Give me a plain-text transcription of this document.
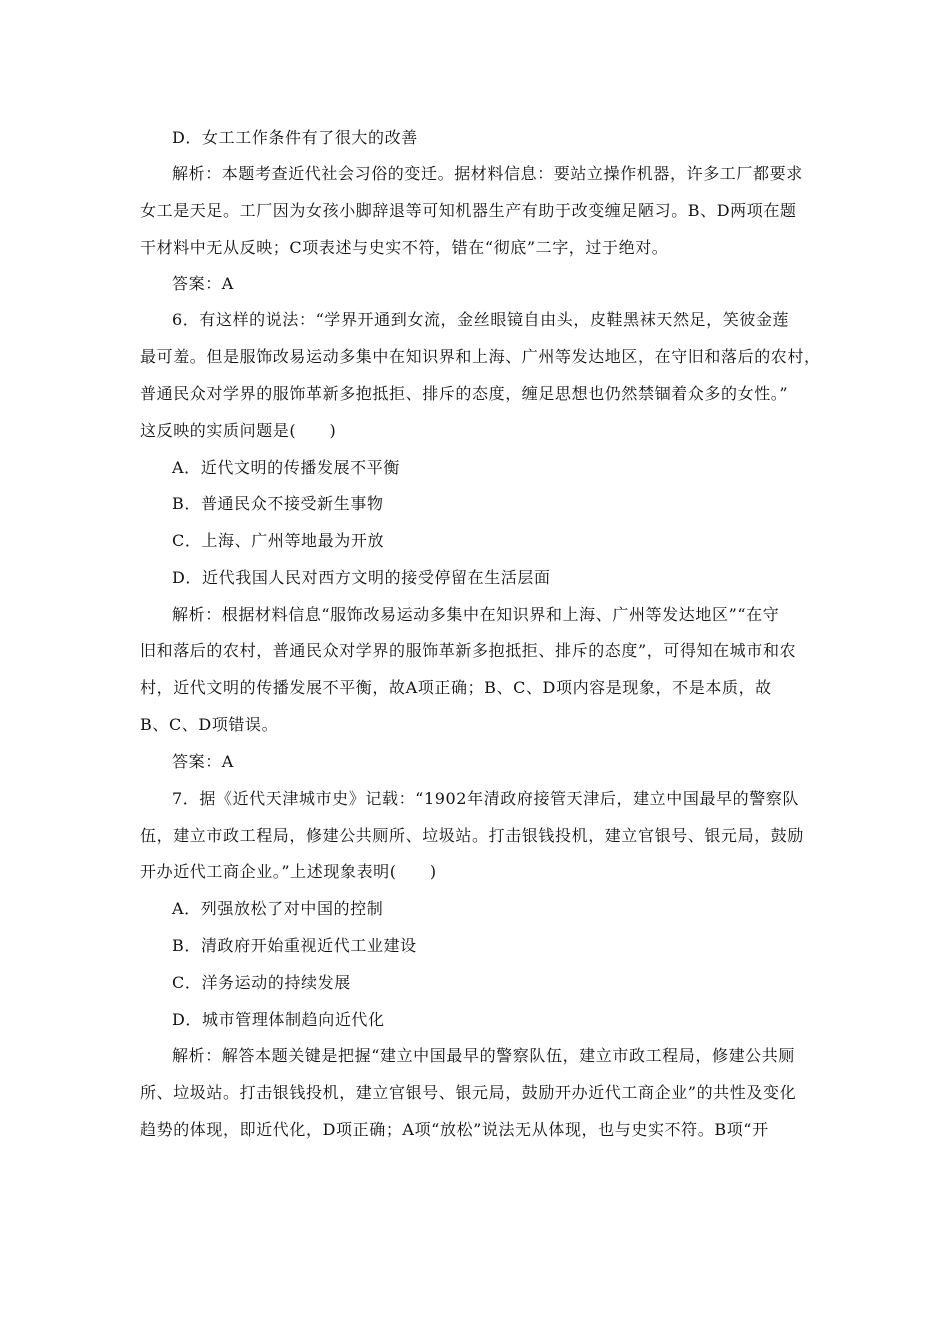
D．女工工作条件有了很大的改善
解析：本题考查近代社会习俗的变迁。据材料信息：要站立操作机器，许多工厂都要求
女工是天足。工厂因为女孩小脚辞退等可知机器生产有助于改变缠足陋习。B、D两项在题
干材料中无从反映；C项表述与史实不符，错在“彻底”二字，过于绝对。
答案：A
6．有这样的说法：“学界开通到女流，金丝眼镜自由头，皮鞋黑袜天然足，笑彼金莲
最可羞。但是服饰改易运动多集中在知识界和上海、广州等发达地区，在守旧和落后的农村，
普通民众对学界的服饰革新多抱抵拒、排斥的态度，缠足思想也仍然禁锢着众多的女性。”
这反映的实质问题是(　　)
A．近代文明的传播发展不平衡
B．普通民众不接受新生事物
C．上海、广州等地最为开放
D．近代我国人民对西方文明的接受停留在生活层面
解析：根据材料信息“服饰改易运动多集中在知识界和上海、广州等发达地区”“在守
旧和落后的农村，普通民众对学界的服饰革新多抱抵拒、排斥的态度”，可得知在城市和农
村，近代文明的传播发展不平衡，故A项正确；B、C、D项内容是现象，不是本质，故
B、C、D项错误。
答案：A
7．据《近代天津城市史》记载：“1902年清政府接管天津后，建立中国最早的警察队
伍，建立市政工程局，修建公共厕所、垃圾站。打击银钱投机，建立官银号、银元局，鼓励
开办近代工商企业。”上述现象表明(　　)
A．列强放松了对中国的控制
B．清政府开始重视近代工业建设
C．洋务运动的持续发展
D．城市管理体制趋向近代化
解析：解答本题关键是把握“建立中国最早的警察队伍，建立市政工程局，修建公共厕
所、垃圾站。打击银钱投机，建立官银号、银元局，鼓励开办近代工商企业”的共性及变化
趋势的体现，即近代化，D项正确；A项“放松”说法无从体现，也与史实不符。B项“开
